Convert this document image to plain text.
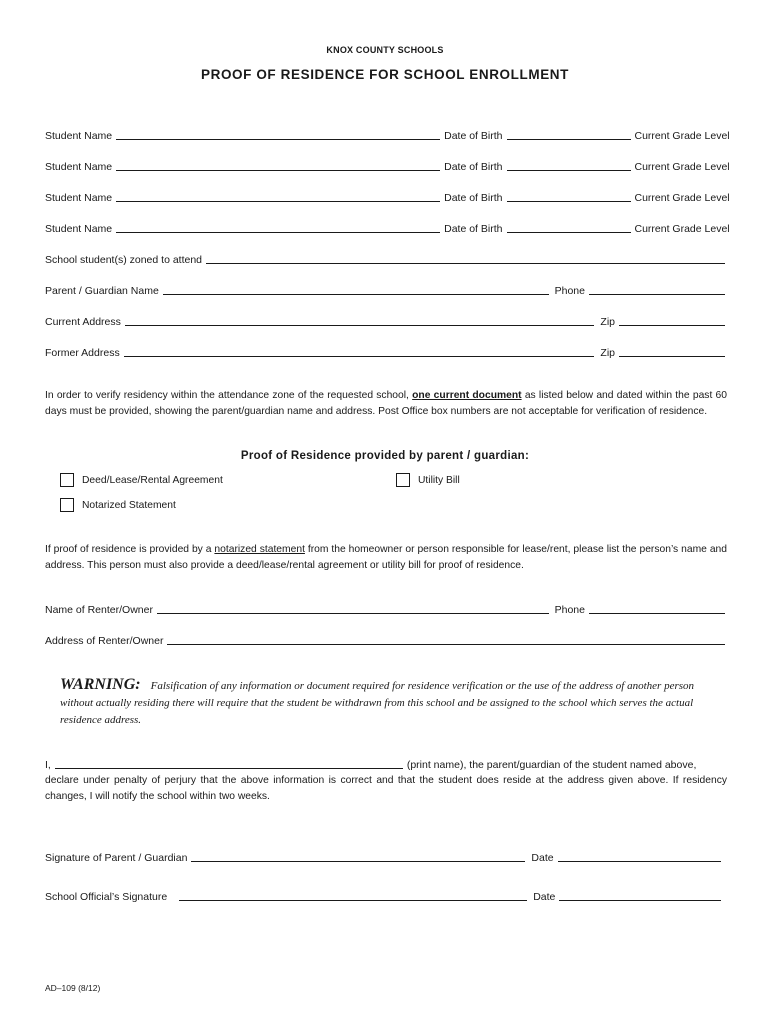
KNOX COUNTY SCHOOLS
PROOF OF RESIDENCE FOR SCHOOL ENROLLMENT
Student Name	Date of Birth	Current Grade Level
Student Name	Date of Birth	Current Grade Level
Student Name	Date of Birth	Current Grade Level
Student Name	Date of Birth	Current Grade Level
School student(s) zoned to attend
Parent / Guardian Name	Phone
Current Address	Zip
Former Address	Zip
In order to verify residency within the attendance zone of the requested school, one current document as listed below and dated within the past 60 days must be provided, showing the parent/guardian name and address. Post Office box numbers are not acceptable for verification of residence.
Proof of Residence provided by parent / guardian:
Deed/Lease/Rental Agreement	Utility Bill
Notarized Statement
If proof of residence is provided by a notarized statement from the homeowner or person responsible for lease/rent, please list the person’s name and address. This person must also provide a deed/lease/rental agreement or utility bill for proof of residence.
Name of Renter/Owner	Phone
Address of Renter/Owner
WARNING: Falsification of any information or document required for residence verification or the use of the address of another person without actually residing there will require that the student be withdrawn from this school and be assigned to the school which serves the actual residence address.
I,	(print name), the parent/guardian of the student named above,
declare under penalty of perjury that the above information is correct and that the student does reside at the address given above. If residency changes, I will notify the school within two weeks.
Signature of Parent / Guardian	Date
School Official’s Signature	Date
AD–109 (8/12)
